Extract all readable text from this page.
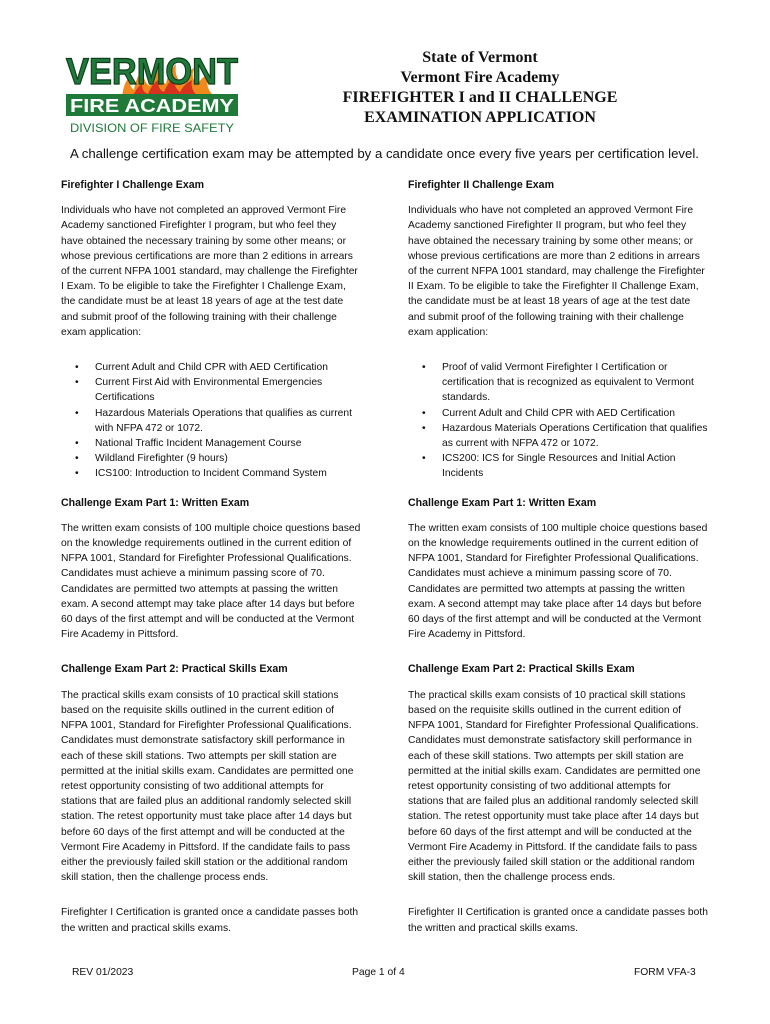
VERMONT
FIRE ACADEMY
DIVISION OF FIRE SAFETY
State of Vermont
Vermont Fire Academy
FIREFIGHTER I and II CHALLENGE
EXAMINATION APPLICATION
A challenge certification exam may be attempted by a candidate once every five years per certification level.
Firefighter I Challenge Exam

Individuals who have not completed an approved Vermont Fire Academy sanctioned Firefighter I program, but who feel they have obtained the necessary training by some other means; or whose previous certifications are more than 2 editions in arrears of the current NFPA 1001 standard, may challenge the Firefighter I Exam. To be eligible to take the Firefighter I Challenge Exam, the candidate must be at least 18 years of age at the test date and submit proof of the following training with their challenge exam application:

• Current Adult and Child CPR with AED Certification
• Current First Aid with Environmental Emergencies Certifications
• Hazardous Materials Operations that qualifies as current with NFPA 472 or 1072.
• National Traffic Incident Management Course
• Wildland Firefighter (9 hours)
• ICS100: Introduction to Incident Command System
Challenge Exam Part 1: Written Exam

The written exam consists of 100 multiple choice questions based on the knowledge requirements outlined in the current edition of NFPA 1001, Standard for Firefighter Professional Qualifications. Candidates must achieve a minimum passing score of 70. Candidates are permitted two attempts at passing the written exam. A second attempt may take place after 14 days but before 60 days of the first attempt and will be conducted at the Vermont Fire Academy in Pittsford.

Challenge Exam Part 2: Practical Skills Exam

The practical skills exam consists of 10 practical skill stations based on the requisite skills outlined in the current edition of NFPA 1001, Standard for Firefighter Professional Qualifications. Candidates must demonstrate satisfactory skill performance in each of these skill stations. Two attempts per skill station are permitted at the initial skills exam. Candidates are permitted one retest opportunity consisting of two additional attempts for stations that are failed plus an additional randomly selected skill station. The retest opportunity must take place after 14 days but before 60 days of the first attempt and will be conducted at the Vermont Fire Academy in Pittsford. If the candidate fails to pass either the previously failed skill station or the additional random skill station, then the challenge process ends.

Firefighter I Certification is granted once a candidate passes both the written and practical skills exams.

Firefighter II Challenge Exam

Individuals who have not completed an approved Vermont Fire Academy sanctioned Firefighter II program, but who feel they have obtained the necessary training by some other means; or whose previous certifications are more than 2 editions in arrears of the current NFPA 1001 standard, may challenge the Firefighter II Exam. To be eligible to take the Firefighter II Challenge Exam, the candidate must be at least 18 years of age at the test date and submit proof of the following training with their challenge exam application:

• Proof of valid Vermont Firefighter I Certification or certification that is recognized as equivalent to Vermont standards.
• Current Adult and Child CPR with AED Certification
• Hazardous Materials Operations Certification that qualifies as current with NFPA 472 or 1072.
• ICS200: ICS for Single Resources and Initial Action Incidents
Challenge Exam Part 1: Written Exam

The written exam consists of 100 multiple choice questions based on the knowledge requirements outlined in the current edition of NFPA 1001, Standard for Firefighter Professional Qualifications. Candidates must achieve a minimum passing score of 70. Candidates are permitted two attempts at passing the written exam. A second attempt may take place after 14 days but before 60 days of the first attempt and will be conducted at the Vermont Fire Academy in Pittsford.

Challenge Exam Part 2: Practical Skills Exam

The practical skills exam consists of 10 practical skill stations based on the requisite skills outlined in the current edition of NFPA 1001, Standard for Firefighter Professional Qualifications. Candidates must demonstrate satisfactory skill performance in each of these skill stations. Two attempts per skill station are permitted at the initial skills exam. Candidates are permitted one retest opportunity consisting of two additional attempts for stations that are failed plus an additional randomly selected skill station. The retest opportunity must take place after 14 days but before 60 days of the first attempt and will be conducted at the Vermont Fire Academy in Pittsford. If the candidate fails to pass either the previously failed skill station or the additional random skill station, then the challenge process ends.

Firefighter II Certification is granted once a candidate passes both the written and practical skills exams.

REV 01/2023	Page 1 of 4	FORM VFA-3
